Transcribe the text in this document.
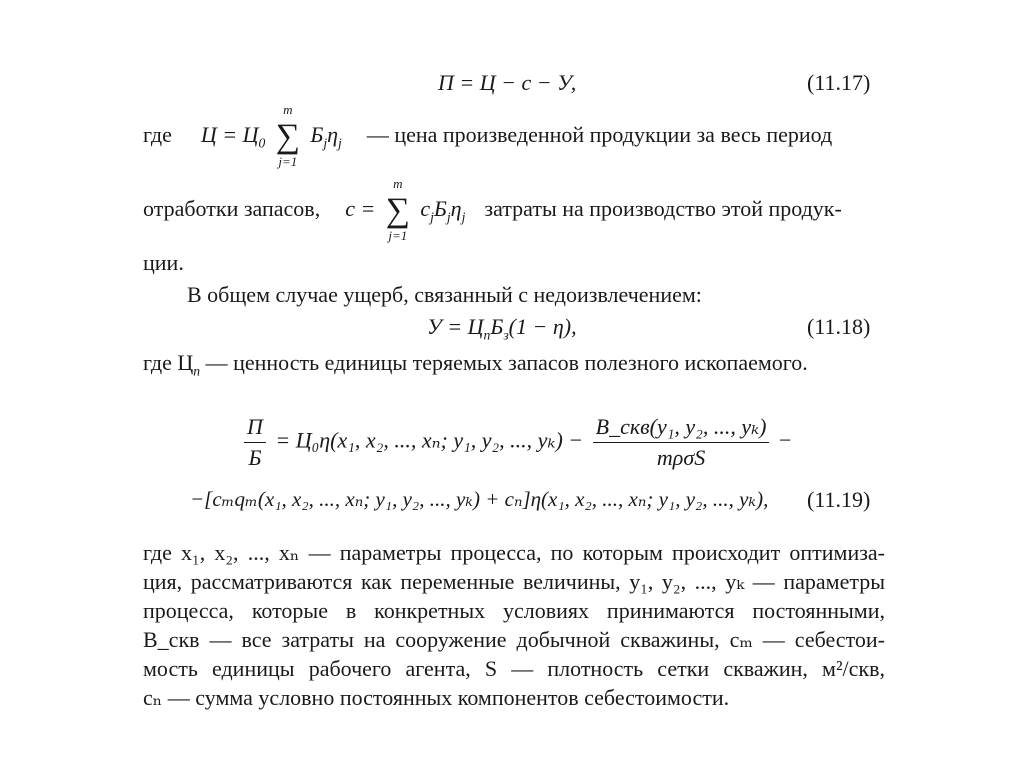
П = Ц − с − У,	(11.17)
где $Ц = Ц_0$
m
∑
j=1
$Б_j\eta_j$ — цена произведенной продукции за весь период
отработки запасов, с =
m
∑
j=1
$с_jБ_j\eta_j$ затраты на производство этой продук-
ции.
В общем случае ущерб, связанный с недоизвлечением:
$У = Ц_пБ_з(1 - \eta)$,	(11.18)
где $Ц_п$ — ценность единицы теряемых запасов полезного ископаемого.
$\frac{П}{Б} = Ц_0\eta(x_1$, x₂, ..., xₙ; y₁, y₂, ..., $y_k) - \frac{\text{B\_скв(y₁, y₂, ..., yₖ)}}{\text{mρσS}}$ −
−[cₘqₘ(x₁, x₂, ..., xₙ; y₁, y₂, ..., yₖ) + cₙ]η(x₁, x₂, ..., xₙ; y₁, y₂, ..., yₖ), (11.19)
где x₁, x₂, ..., xₙ — параметры процесса, по которым происходит оптимиза-
ция, рассматриваются как переменные величины, y₁, y₂, ..., yₖ — параметры
процесса, которые в конкретных условиях принимаются постоянными,
B_скв — все затраты на сооружение добычной скважины, cₘ — себестои-
мость единицы рабочего агента, S — плотность сетки скважин, м²/скв,
cₙ — сумма условно постоянных компонентов себестоимости.
